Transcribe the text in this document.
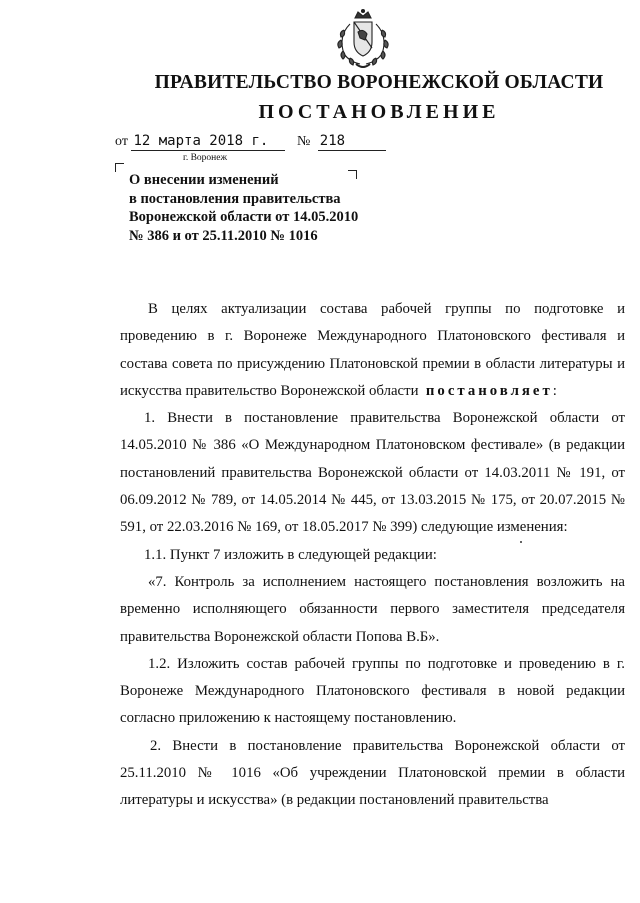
ПРАВИТЕЛЬСТВО ВОРОНЕЖСКОЙ ОБЛАСТИ
ПОСТАНОВЛЕНИЕ
от 12 марта 2018 г. № 218
г. Воронеж
О внесении изменений
в постановления правительства
Воронежской области от 14.05.2010
№ 386 и от 25.11.2010 № 1016

В целях актуализации состава рабочей группы по подготовке и проведению в г. Воронеже Международного Платоновского фестиваля и состава совета по присуждению Платоновской премии в области литературы и искусства правительство Воронежской области постановляет:

1. Внести в постановление правительства Воронежской области от 14.05.2010 № 386 «О Международном Платоновском фестивале» (в редакции постановлений правительства Воронежской области от 14.03.2011 № 191, от 06.09.2012 № 789, от 14.05.2014 № 445, от 13.03.2015 № 175, от 20.07.2015 № 591, от 22.03.2016 № 169, от 18.05.2017 № 399) следующие изменения:

1.1. Пункт 7 изложить в следующей редакции:

«7. Контроль за исполнением настоящего постановления возложить на временно исполняющего обязанности первого заместителя председателя правительства Воронежской области Попова В.Б».

1.2. Изложить состав рабочей группы по подготовке и проведению в г. Воронеже Международного Платоновского фестиваля в новой редакции согласно приложению к настоящему постановлению.

2. Внести в постановление правительства Воронежской области от 25.11.2010 № 1016 «Об учреждении Платоновской премии в области литературы и искусства» (в редакции постановлений правительства
